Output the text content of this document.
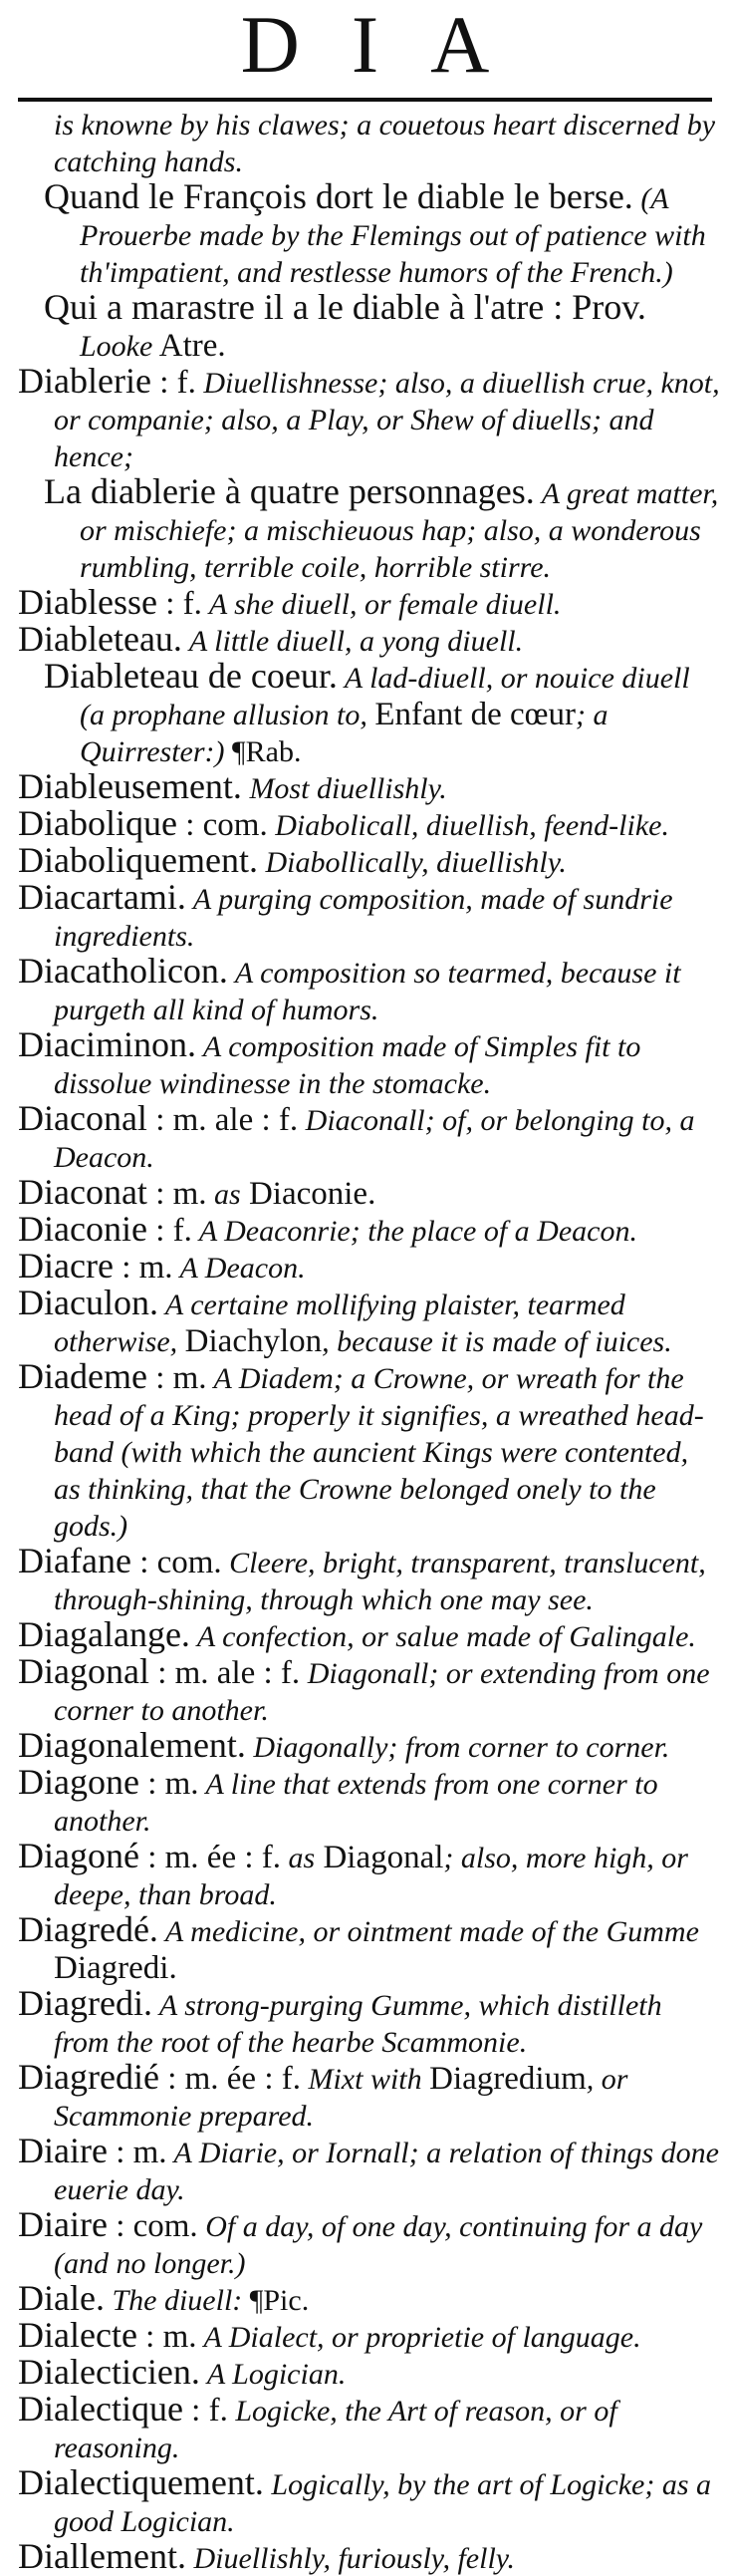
DIA

is knowne by his clawes; a couetous heart discerned by catching hands.

Quand le François dort le diable le berse. (A Prouerbe made by the Flemings out of patience with th'impatient, and restlesse humors of the French.)

Qui a marastre il a le diable à l'atre : Prov. Looke Atre.

Diablerie : f. Diuellishnesse; also, a diuellish crue, knot, or companie; also, a Play, or Shew of diuells; and hence;

La diablerie à quatre personnages. A great matter, or mischiefe; a mischieuous hap; also, a wonderous rumbling, terrible coile, horrible stirre.

Diablesse : f. A she diuell, or female diuell.

Diableteau. A little diuell, a yong diuell.

Diableteau de coeur. A lad-diuell, or nouice diuell (a prophane allusion to, Enfant de cœur; a Quirrester:) ¶Rab.

Diableusement. Most diuellishly.

Diabolique : com. Diabolicall, diuellish, feend-like.

Diaboliquement. Diabollically, diuellishly.

Diacartami. A purging composition, made of sundrie ingredients.

Diacatholicon. A composition so tearmed, because it purgeth all kind of humors.

Diaciminon. A composition made of Simples fit to dissolue windinesse in the stomacke.

Diaconal : m. ale : f. Diaconall; of, or belonging to, a Deacon.

Diaconat : m. as Diaconie.

Diaconie : f. A Deaconrie; the place of a Deacon.

Diacre : m. A Deacon.

Diaculon. A certaine mollifying plaister, tearmed otherwise, Diachylon, because it is made of iuices.

Diademe : m. A Diadem; a Crowne, or wreath for the head of a King; properly it signifies, a wreathed head-band (with which the auncient Kings were contented, as thinking, that the Crowne belonged onely to the gods.)

Diafane : com. Cleere, bright, transparent, translucent, through-shining, through which one may see.

Diagalange. A confection, or salue made of Galingale.

Diagonal : m. ale : f. Diagonall; or extending from one corner to another.

Diagonalement. Diagonally; from corner to corner.

Diagone : m. A line that extends from one corner to another.

Diagoné : m. ée : f. as Diagonal; also, more high, or deepe, than broad.

Diagredé. A medicine, or ointment made of the Gumme Diagredi.

Diagredi. A strong-purging Gumme, which distilleth from the root of the hearbe Scammonie.

Diagredié : m. ée : f. Mixt with Diagredium, or Scammonie prepared.

Diaire : m. A Diarie, or Iornall; a relation of things done euerie day.

Diaire : com. Of a day, of one day, continuing for a day (and no longer.)

Diale. The diuell: ¶Pic.

Dialecte : m. A Dialect, or proprietie of language.

Dialecticien. A Logician.

Dialectique : f. Logicke, the Art of reason, or of reasoning.

Dialectiquement. Logically, by the art of Logicke; as a good Logician.

Diallement. Diuellishly, furiously, felly.
